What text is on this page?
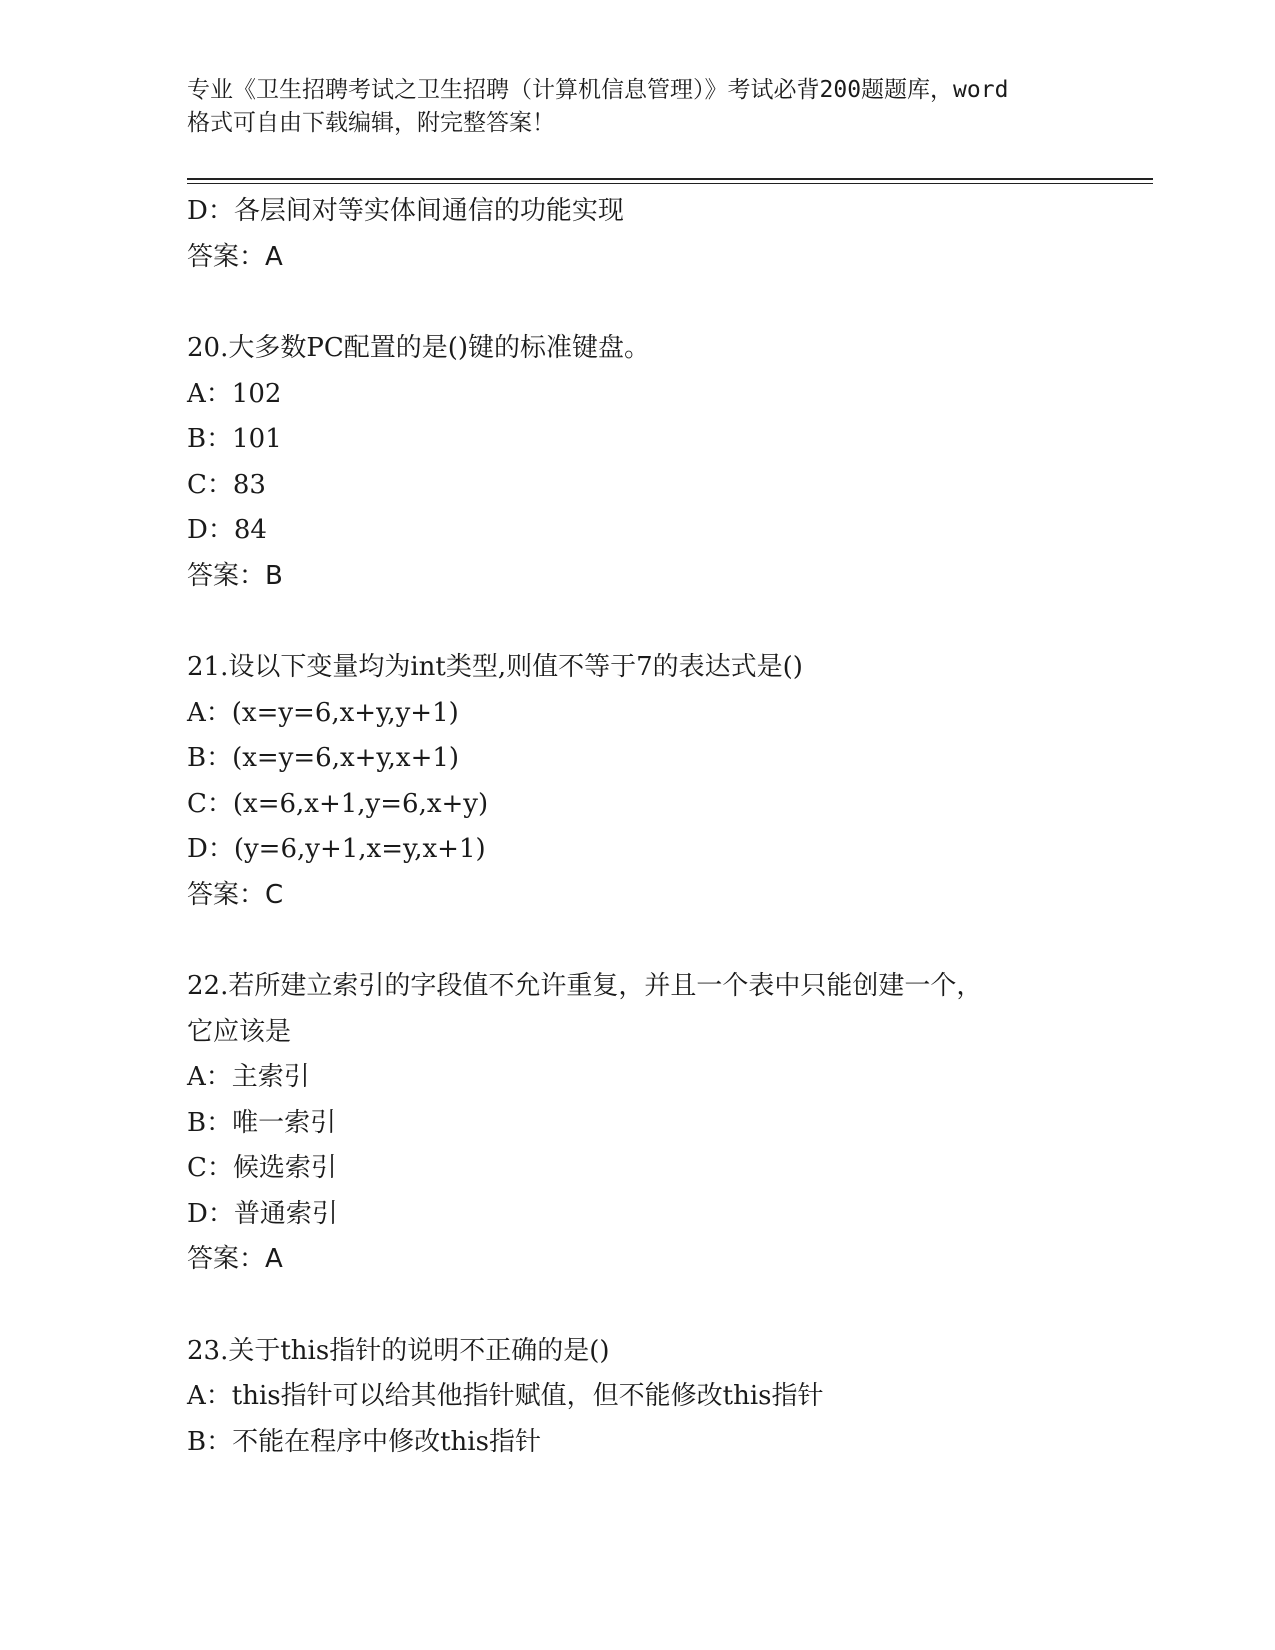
专业《卫生招聘考试之卫生招聘（计算机信息管理）》考试必背200题题库，word
格式可自由下载编辑，附完整答案！
D：各层间对等实体间通信的功能实现
答案：A
20.大多数PC配置的是()键的标准键盘。
A：102
B：101
C：83
D：84
答案：B
21.设以下变量均为int类型,则值不等于7的表达式是()
A：(x=y=6,x+y,y+1)
B：(x=y=6,x+y,x+1)
C：(x=6,x+1,y=6,x+y)
D：(y=6,y+1,x=y,x+1)
答案：C
22.若所建立索引的字段值不允许重复，并且一个表中只能创建一个，
它应该是
A：主索引
B：唯一索引
C：候选索引
D：普通索引
答案：A
23.关于this指针的说明不正确的是()
A：this指针可以给其他指针赋值，但不能修改this指针
B：不能在程序中修改this指针
